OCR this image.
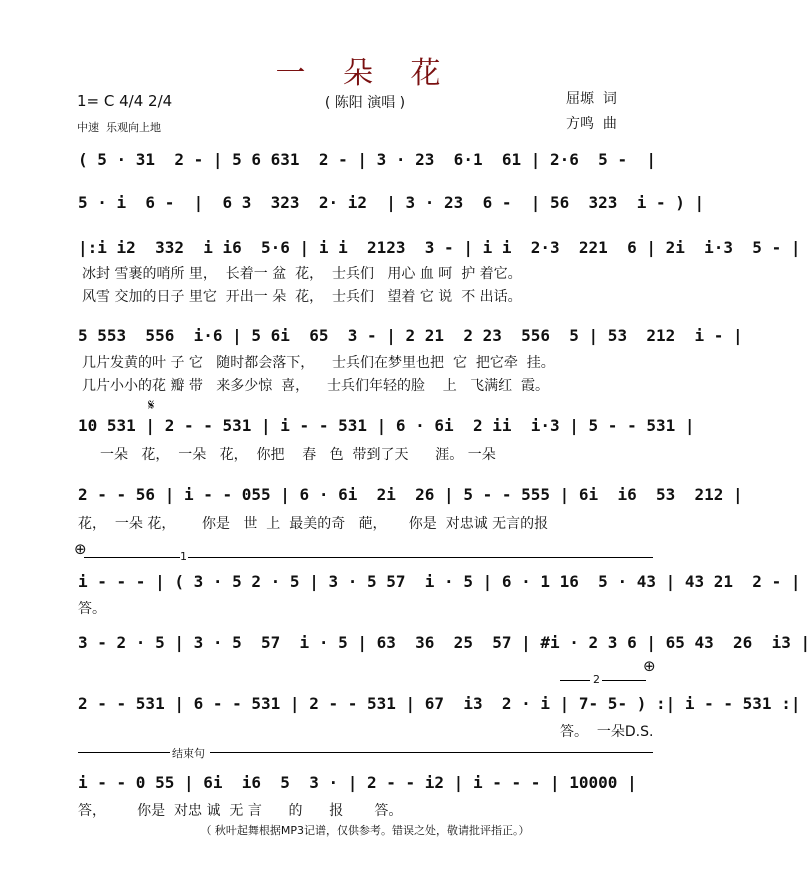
一 朵 花
( 陈阳 演唱 )
1= C 4/4 2/4
中速  乐观向上地
屈塬  词
方鸣  曲
( 5 · 31  2 - | 5 6 631  2 - | 3 · 23  6·1  61 | 2·6  5 -  |
5 · i  6 -  |  6 3  323  2· i2  | 3 · 23  6 -  | 56  323  i - ) |
|:i i2  332  i i6  5·6 | i i  2123  3 - | i i  2·3  221  6 | 2i  i·3  5 - |
冰封 雪裹的哨所 里，  长着一 盆  花，  士兵们   用心 血 呵  护 着它。
风雪 交加的日子 里它  开出一 朵  花，  士兵们   望着 它 说  不 出话。
5 553  556  i·6 | 5 6i  65  3 - | 2 21  2 23  556  5 | 53  212  i - |
几片发黄的叶 子 它   随时都会落下，    士兵们在梦里也把  它  把它牵  挂。
几片小小的花 瓣 带   来多少惊  喜，    士兵们年轻的脸    上   飞满红  霞。
𝄋
10 531 | 2 - - 531 | i - - 531 | 6 · 6i  2 ii  i·3 | 5 - - 531 |
一朵   花，  一朵   花，  你把    春   色  带到了天      涯。 一朵
2 - - 56 | i - - 055 | 6 · 6i  2i  26 | 5 - - 555 | 6i  i6  53  212 |
花，  一朵 花，      你是   世  上  最美的奇   葩，     你是  对忠诚 无言的报
⊕	1
i - - - | ( 3 · 5 2 · 5 | 3 · 5 57  i · 5 | 6 · 1 16  5 · 43 | 43 21  2 - |
答。
3 - 2 · 5 | 3 · 5  57  i · 5 | 63  36  25  57 | #i · 2 3 6 | 65 43  26  i3 |
⊕
2
2 - - 531 | 6 - - 531 | 2 - - 531 | 67  i3  2 · i | 7- 5- ) :| i - - 531 :|
答。  一朵D.S.
结束句
i - - 0 55 | 6i  i6  5  3 · | 2 - - i2 | i - - - | 10000 |
答，       你是  对忠 诚  无 言      的      报       答。
（ 秋叶起舞根据MP3记谱，仅供参考。错误之处，敬请批评指正。）
